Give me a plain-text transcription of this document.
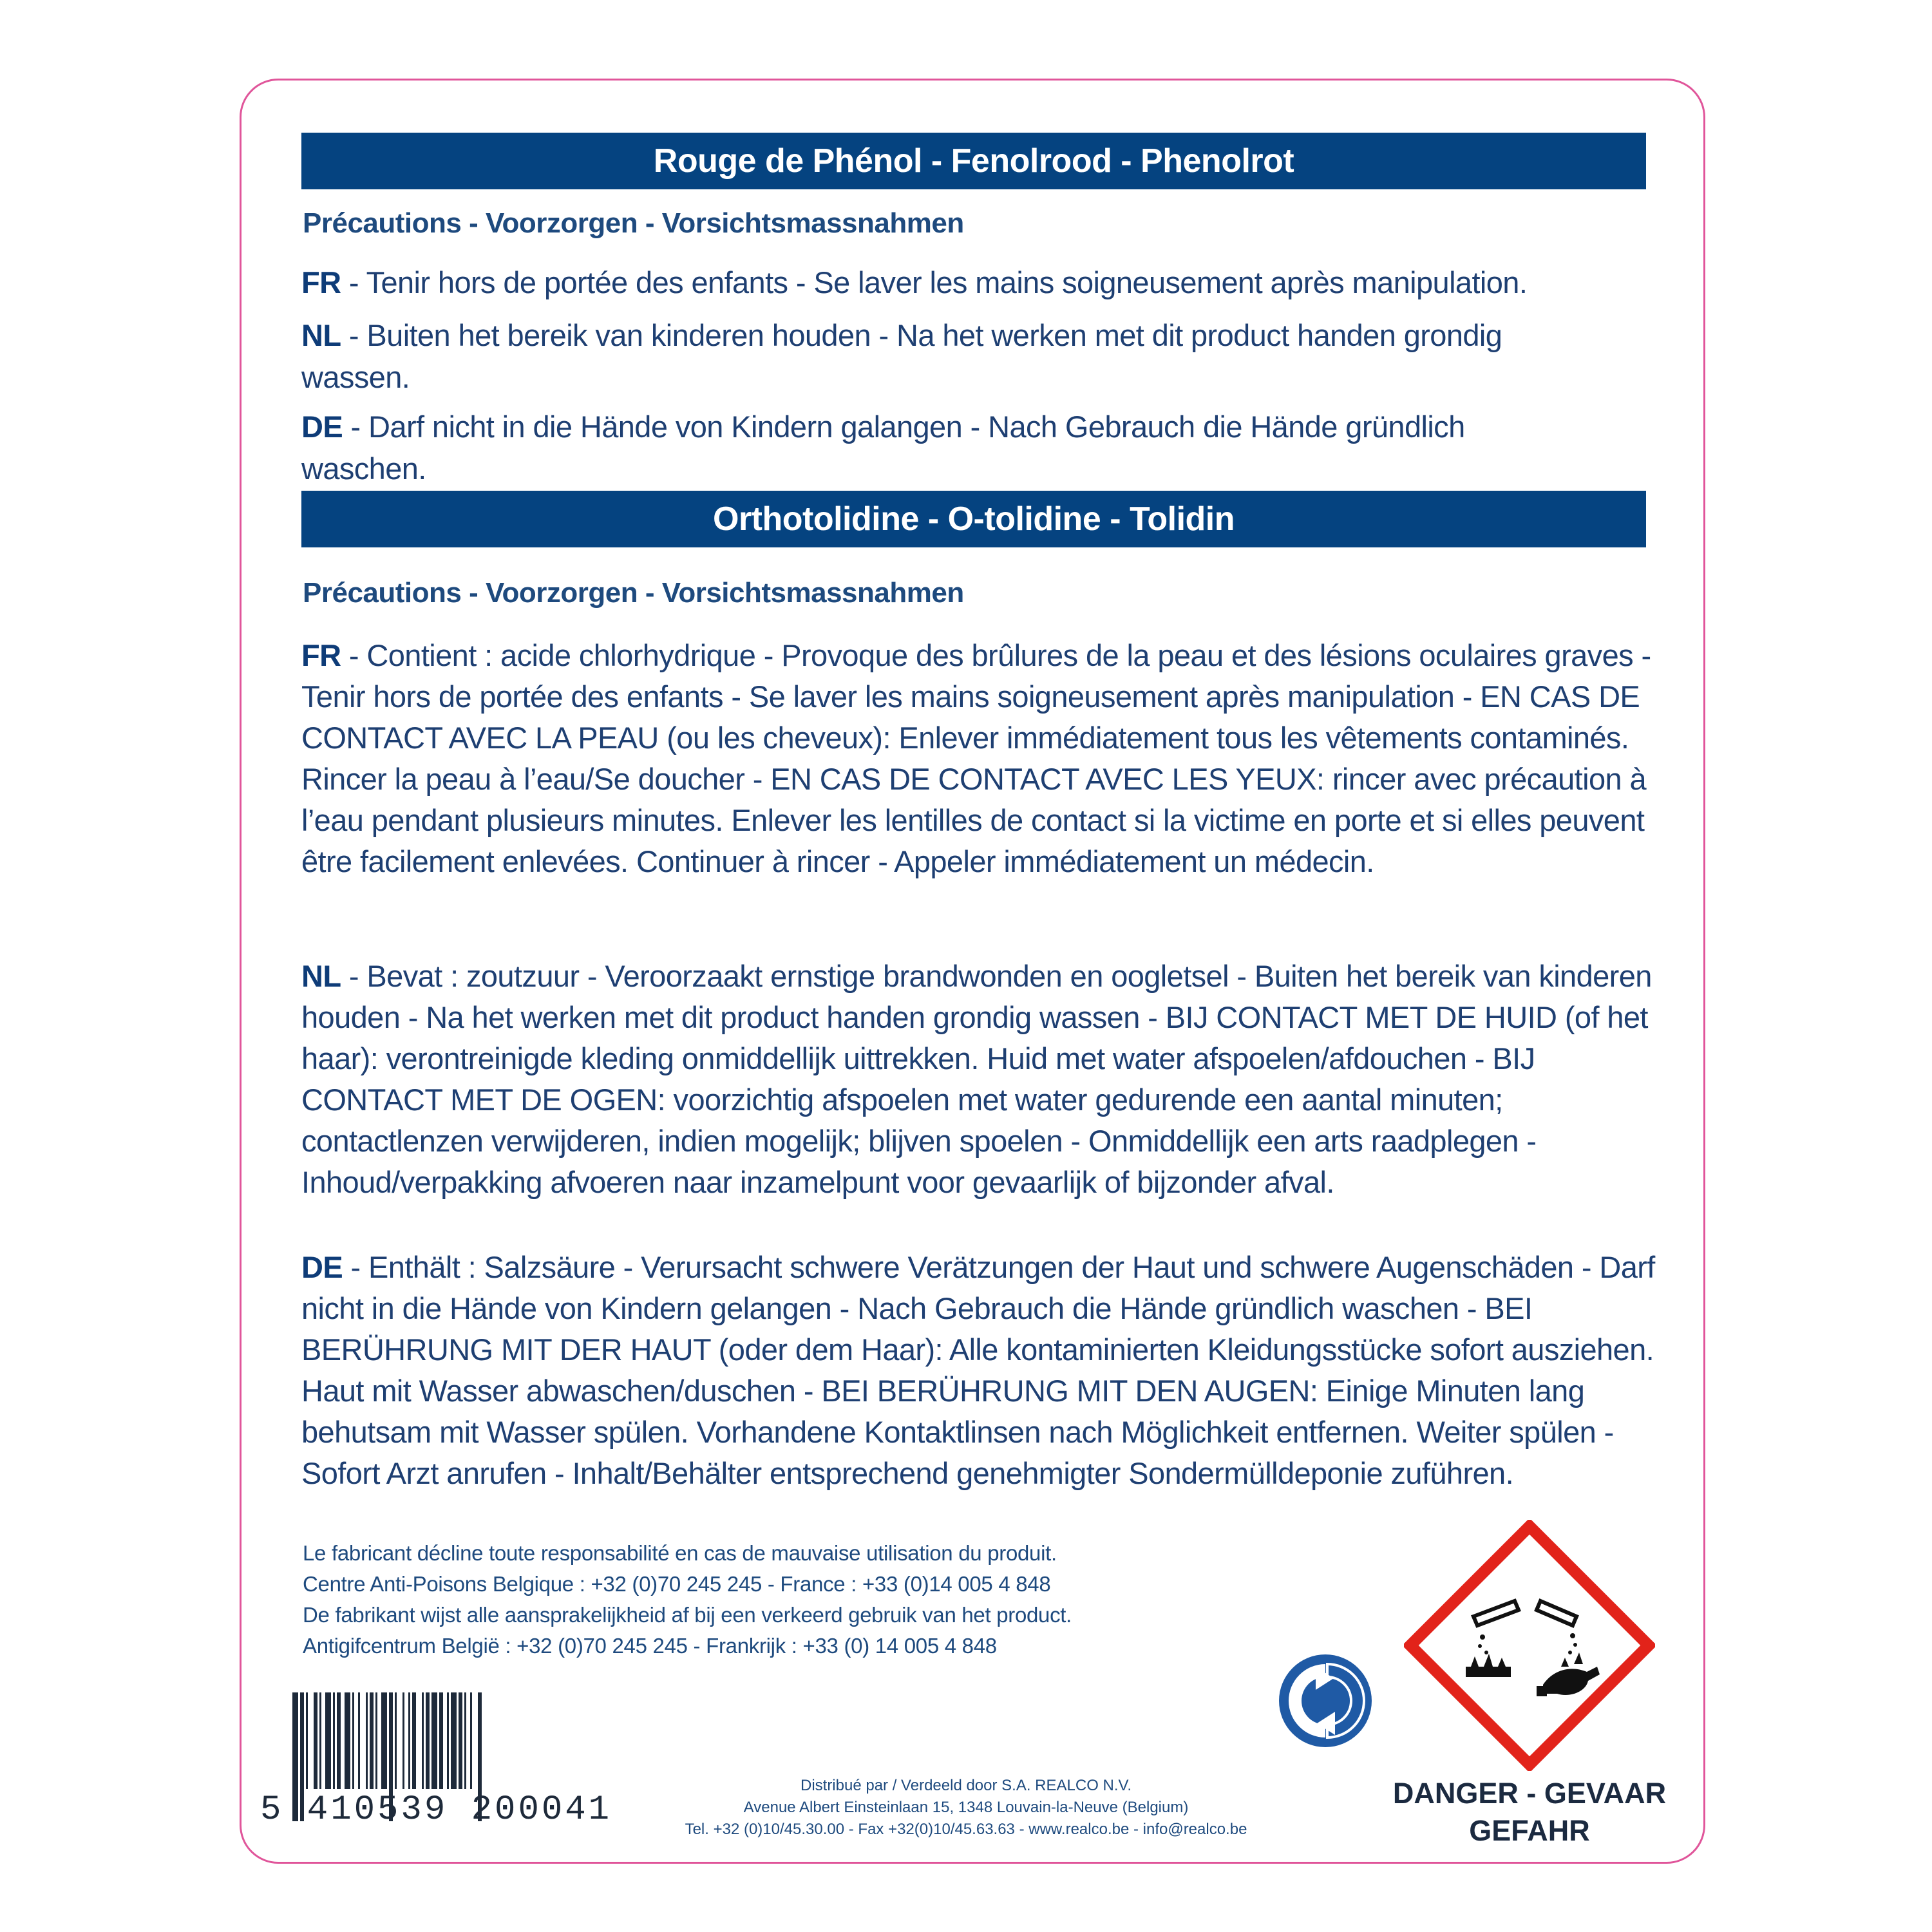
Rouge de Phénol - Fenolrood - Phenolrot
Précautions - Voorzorgen - Vorsichtsmassnahmen
FR - Tenir hors de portée des enfants - Se laver les mains soigneusement après manipulation.
NL - Buiten het bereik van kinderen houden - Na het werken met dit product handen grondig wassen.
DE - Darf nicht in die Hände von Kindern galangen - Nach Gebrauch die Hände gründlich waschen.
Orthotolidine - O-tolidine - Tolidin
Précautions - Voorzorgen - Vorsichtsmassnahmen
FR - Contient : acide chlorhydrique - Provoque des brûlures de la peau et des lésions oculaires graves - Tenir hors de portée des enfants - Se laver les mains soigneusement après manipulation - EN CAS DE CONTACT AVEC LA PEAU (ou les cheveux): Enlever immédiatement tous les vêtements contaminés. Rincer la peau à l’eau/Se doucher - EN CAS DE CONTACT AVEC LES YEUX: rincer avec précaution à l’eau pendant plusieurs minutes. Enlever les lentilles de contact si la victime en porte et si elles peuvent être facilement enlevées. Continuer à rincer - Appeler immédiatement un médecin.
NL - Bevat : zoutzuur - Veroorzaakt ernstige brandwonden en oogletsel - Buiten het bereik van kinderen houden - Na het werken met dit product handen grondig wassen - BIJ CONTACT MET DE HUID (of het haar): verontreinigde kleding onmiddellijk uittrekken. Huid met water afspoelen/afdouchen - BIJ CONTACT MET DE OGEN: voorzichtig afspoelen met water gedurende een aantal minuten; contactlenzen verwijderen, indien mogelijk; blijven spoelen - Onmiddellijk een arts raadplegen - Inhoud/verpakking afvoeren naar inzamelpunt voor gevaarlijk of bijzonder afval.
DE - Enthält : Salzsäure - Verursacht schwere Verätzungen der Haut und schwere Augenschäden - Darf nicht in die Hände von Kindern gelangen - Nach Gebrauch die Hände gründlich waschen - BEI BERÜHRUNG MIT DER HAUT (oder dem Haar): Alle kontaminierten Kleidungsstücke sofort ausziehen. Haut mit Wasser abwaschen/duschen - BEI BERÜHRUNG MIT DEN AUGEN: Einige Minuten lang behutsam mit Wasser spülen. Vorhandene Kontaktlinsen nach Möglichkeit entfernen. Weiter spülen - Sofort Arzt anrufen - Inhalt/Behälter entsprechend genehmigter Sondermülldeponie zuführen.
Le fabricant décline toute responsabilité en cas de mauvaise utilisation du produit.
Centre Anti-Poisons Belgique : +32 (0)70 245 245 - France : +33 (0)14 005 4 848
De fabrikant wijst alle aansprakelijkheid af bij een verkeerd gebruik van het product.
Antigifcentrum België : +32 (0)70 245 245 - Frankrijk : +33 (0) 14 005 4 848
5 410539 200041
Distribué par / Verdeeld door S.A. REALCO N.V.
Avenue Albert Einsteinlaan 15, 1348 Louvain-la-Neuve (Belgium)
Tel. +32 (0)10/45.30.00 - Fax +32(0)10/45.63.63 - www.realco.be - info@realco.be
DANGER - GEVAAR
GEFAHR
